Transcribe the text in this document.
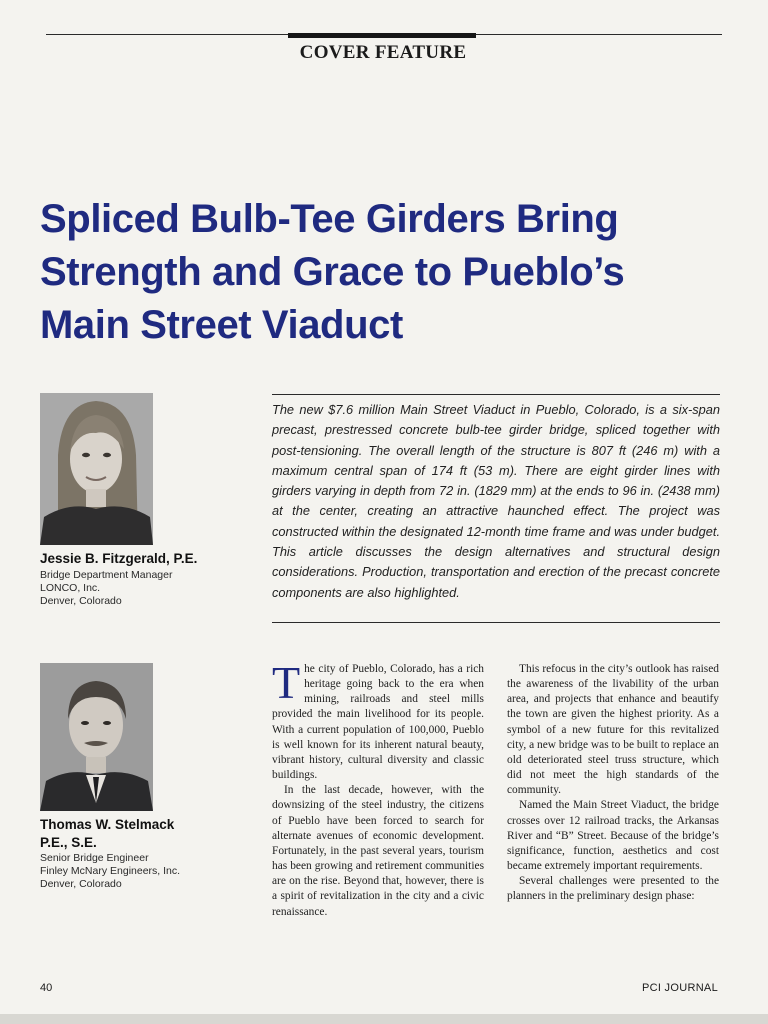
COVER FEATURE
Spliced Bulb-Tee Girders Bring
Strength and Grace to Pueblo’s
Main Street Viaduct
Jessie B. Fitzgerald, P.E.
Bridge Department Manager
LONCO, Inc.
Denver, Colorado
Thomas W. Stelmack
P.E., S.E.
Senior Bridge Engineer
Finley McNary Engineers, Inc.
Denver, Colorado

The new $7.6 million Main Street Viaduct in Pueblo, Colorado, is a six-span precast, prestressed concrete bulb-tee girder bridge, spliced together with post-tensioning. The overall length of the structure is 807 ft (246 m) with a maximum central span of 174 ft (53 m). There are eight girder lines with girders varying in depth from 72 in. (1829 mm) at the ends to 96 in. (2438 mm) at the center, creating an attractive haunched effect. The project was constructed within the designated 12-month time frame and was under budget. This article discusses the design alternatives and structural design considerations. Production, transportation and erection of the precast concrete components are also highlighted.

The city of Pueblo, Colorado, has a rich heritage going back to the era when mining, railroads and steel mills provided the main livelihood for its people. With a current population of 100,000, Pueblo is well known for its inherent natural beauty, vibrant history, cultural diversity and classic buildings.

In the last decade, however, with the downsizing of the steel industry, the citizens of Pueblo have been forced to search for alternate avenues of economic development. Fortunately, in the past several years, tourism has been growing and retirement communities are on the rise. Beyond that, however, there is a spirit of revitalization in the city and a civic renaissance.

This refocus in the city’s outlook has raised the awareness of the livability of the urban area, and projects that enhance and beautify the town are given the highest priority. As a symbol of a new future for this revitalized city, a new bridge was to be built to replace an old deteriorated steel truss structure, which did not meet the high standards of the community.

Named the Main Street Viaduct, the bridge crosses over 12 railroad tracks, the Arkansas River and “B” Street. Because of the bridge’s significance, function, aesthetics and cost became extremely important requirements.

Several challenges were presented to the planners in the preliminary design phase:

40	PCI JOURNAL
